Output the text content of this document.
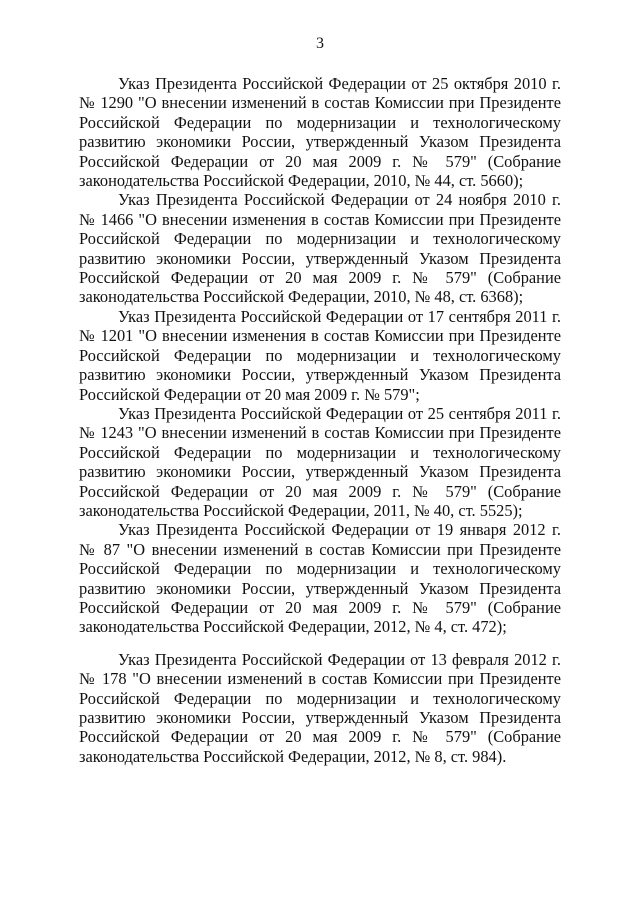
3

Указ Президента Российской Федерации от 25 октября 2010 г. № 1290 "О внесении изменений в состав Комиссии при Президенте Российской Федерации по модернизации и технологическому развитию экономики России, утвержденный Указом Президента Российской Федерации от 20 мая 2009 г. № 579" (Собрание законодательства Российской Федерации, 2010, № 44, ст. 5660);

Указ Президента Российской Федерации от 24 ноября 2010 г. № 1466 "О внесении изменения в состав Комиссии при Президенте Российской Федерации по модернизации и технологическому развитию экономики России, утвержденный Указом Президента Российской Федерации от 20 мая 2009 г. № 579" (Собрание законодательства Российской Федерации, 2010, № 48, ст. 6368);

Указ Президента Российской Федерации от 17 сентября 2011 г. № 1201 "О внесении изменения в состав Комиссии при Президенте Российской Федерации по модернизации и технологическому развитию экономики России, утвержденный Указом Президента Российской Федерации от 20 мая 2009 г. № 579";

Указ Президента Российской Федерации от 25 сентября 2011 г. № 1243 "О внесении изменений в состав Комиссии при Президенте Российской Федерации по модернизации и технологическому развитию экономики России, утвержденный Указом Президента Российской Федерации от 20 мая 2009 г. № 579" (Собрание законодательства Российской Федерации, 2011, № 40, ст. 5525);

Указ Президента Российской Федерации от 19 января 2012 г. № 87 "О внесении изменений в состав Комиссии при Президенте Российской Федерации по модернизации и технологическому развитию экономики России, утвержденный Указом Президента Российской Федерации от 20 мая 2009 г. № 579" (Собрание законодательства Российской Федерации, 2012, № 4, ст. 472);

Указ Президента Российской Федерации от 13 февраля 2012 г. № 178 "О внесении изменений в состав Комиссии при Президенте Российской Федерации по модернизации и технологическому развитию экономики России, утвержденный Указом Президента Российской Федерации от 20 мая 2009 г. № 579" (Собрание законодательства Российской Федерации, 2012, № 8, ст. 984).
